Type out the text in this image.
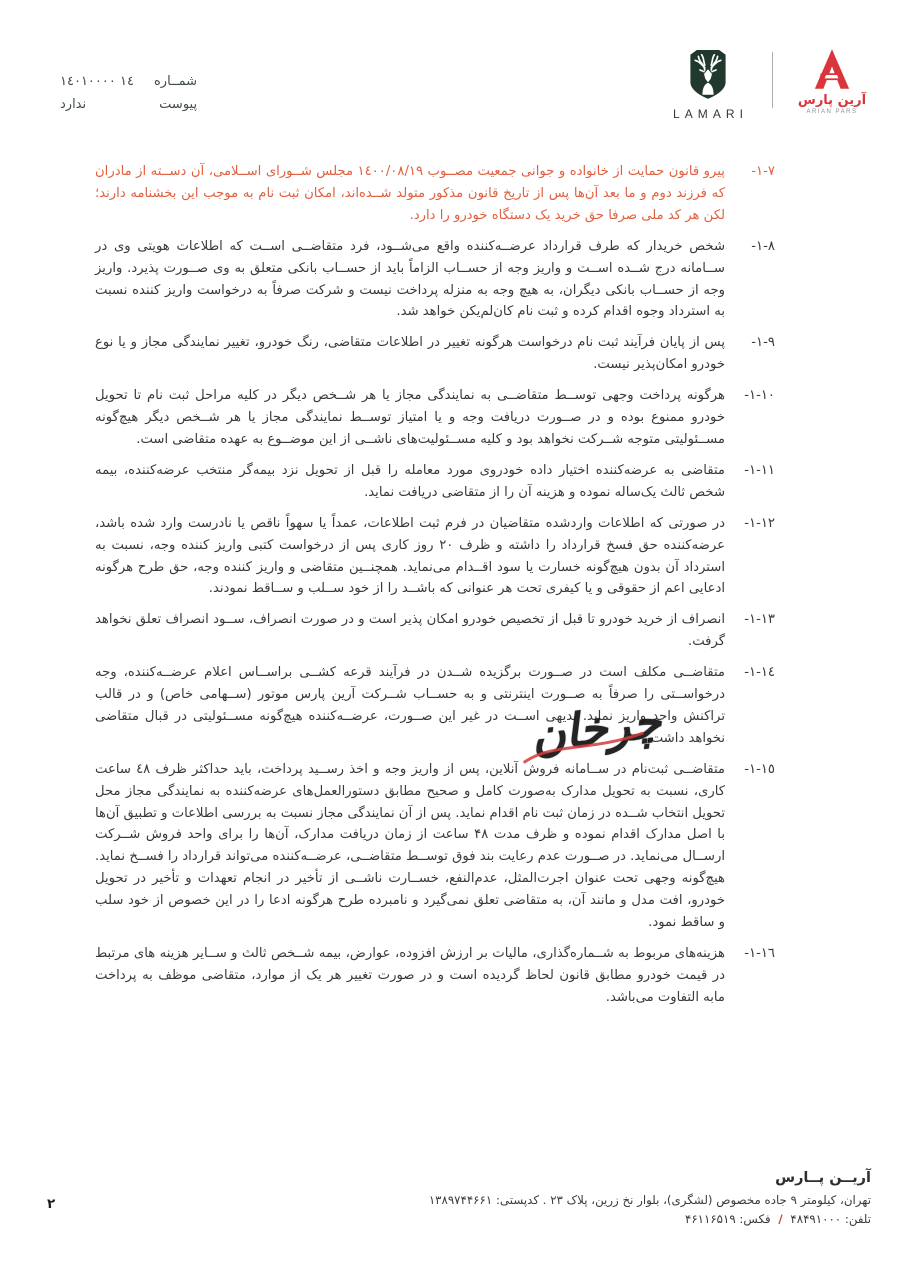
شمــاره
١٤ ١٤٠١٠٠٠٠
پیوست
ندارد
LAMARI
آرین پارس
ARIAN PARS
٧-١-

پیرو قانون حمایت از خانواده و جوانی جمعیت مصــوب ١٤٠٠/٠٨/١٩ مجلس شــورای اســلامی، آن دســته از مادران که فرزند دوم و ما بعد آن‌ها پس از تاریخ قانون مذکور متولد شــده‌اند، امکان ثبت نام به موجب این بخشنامه دارند؛ لکن هر کد ملی صرفا حق خرید یک دستگاه خودرو را دارد.

٨-١-

شخص خریدار که طرف قرارداد عرضــه‌کننده واقع می‌شــود، فرد متقاضــی اســت که اطلاعات هویتی وی در ســامانه درج شــده اســت و واریز وجه از حســاب الزاماً باید از حســاب بانکی متعلق به وی صــورت پذیرد. واریز وجه از حســاب بانکی دیگران، به هیچ وجه به منزله پرداخت نیست و شرکت صرفاً به درخواست واریز کننده نسبت به استرداد وجوه اقدام کرده و ثبت نام کان‌لم‌یکن خواهد شد.

٩-١-

پس از پایان فرآیند ثبت نام درخواست هرگونه تغییر در اطلاعات متقاضی، رنگ خودرو، تغییر نمایندگی مجاز و یا نوع خودرو امکان‌پذیر نیست.

١٠-١-

هرگونه پرداخت وجهی توســط متقاضــی به نمایندگی مجاز یا هر شــخص دیگر در کلیه مراحل ثبت نام تا تحویل خودرو ممنوع بوده و در صــورت دریافت وجه و یا امتیاز توســط نمایندگی مجاز یا هر شــخص دیگر هیچ‌گونه مســئولیتی متوجه شــرکت نخواهد بود و کلیه مســئولیت‌های ناشــی از این موضــوع به عهده متقاضی است.

١١-١-

متقاضی به عرضه‌کننده اختیار داده خودروی مورد معامله را قبل از تحویل نزد بیمه‌گر منتخب عرضه‌کننده، بیمه شخص ثالث یک‌ساله نموده و هزینه آن را از متقاضی دریافت نماید.

١٢-١-

در صورتی که اطلاعات واردشده متقاضیان در فرم ثبت اطلاعات، عمداً یا سهواً ناقص یا نادرست وارد شده باشد، عرضه‌کننده حق فسخ قرارداد را داشته و ظرف ٢٠ روز کاری پس از درخواست کتبی واریز کننده وجه، نسبت به استرداد آن بدون هیچ‌گونه خسارت یا سود اقــدام می‌نماید. همچنــین متقاضی و واریز کننده وجه، حق طرح هرگونه ادعایی اعم از حقوقی و یا کیفری تحت هر عنوانی که باشــد را از خود ســلب و ســاقط نمودند.

١٣-١-

انصراف از خرید خودرو تا قبل از تخصیص خودرو امکان پذیر است و در صورت انصراف، ســود انصراف تعلق نخواهد گرفت.

١٤-١-

متقاضــی مکلف است در صــورت برگزیده شــدن در فرآیند قرعه کشــی براســاس اعلام عرضــه‌کننده، وجه درخواســتی را صرفاً به صــورت اینترنتی و به حســاب شــرکت آرین پارس موتور (ســهامی خاص) و در قالب تراکنش واحد واریز نماید. بدیهی اســت در غیر این صــورت، عرضــه‌کننده هیچ‌گونه مســئولیتی در قبال متقاضی نخواهد داشت.

١٥-١-

متقاضــی ثبت‌نام در ســامانه فروش آنلاین، پس از واریز وجه و اخذ رســید پرداخت، باید حداکثر ظرف ٤٨ ساعت کاری، نسبت به تحویل مدارک به‌صورت کامل و صحیح مطابق دستورالعمل‌های عرضه‌کننده به نمایندگی مجاز محل تحویل انتخاب شــده در زمان ثبت نام اقدام نماید. پس از آن نمایندگی مجاز نسبت به بررسی اطلاعات و تطبیق آن‌ها با اصل مدارک اقدام نموده و ظرف مدت ۴۸ ساعت از زمان دریافت مدارک، آن‌ها را برای واحد فروش شــرکت ارســال می‌نماید. در صــورت عدم رعایت بند فوق توســط متقاضــی، عرضــه‌کننده می‌تواند قرارداد را فســخ نماید. هیچ‌گونه وجهی تحت عنوان اجرت‌المثل، عدم‌النفع، خســارت ناشــی از تأخیر در انجام تعهدات و تأخیر در تحویل خودرو، افت مدل و مانند آن، به متقاضی تعلق نمی‌گیرد و نامبرده طرح هرگونه ادعا را در این خصوص از خود سلب و ساقط نمود.

١٦-١-

هزینه‌های مربوط به شــماره‌گذاری، مالیات بر ارزش افزوده، عوارض، بیمه شــخص ثالث و ســایر هزینه های مرتبط در قیمت خودرو مطابق قانون لحاظ گردیده است و در صورت تغییر هر یک از موارد، متقاضی موظف به پرداخت مابه التفاوت می‌باشد.

چرخان
آریــن پــارس
تهران، کیلومتر ۹ جاده مخصوص (لشگری)، بلوار نخ زرین، پلاک ۲۳ . کدپستی: ۱۳۸۹۷۴۴۶۶۱
تلفن: ۴۸۴۹۱۰۰۰ / فکس: ۴۶۱۱۶۵۱۹
۲
